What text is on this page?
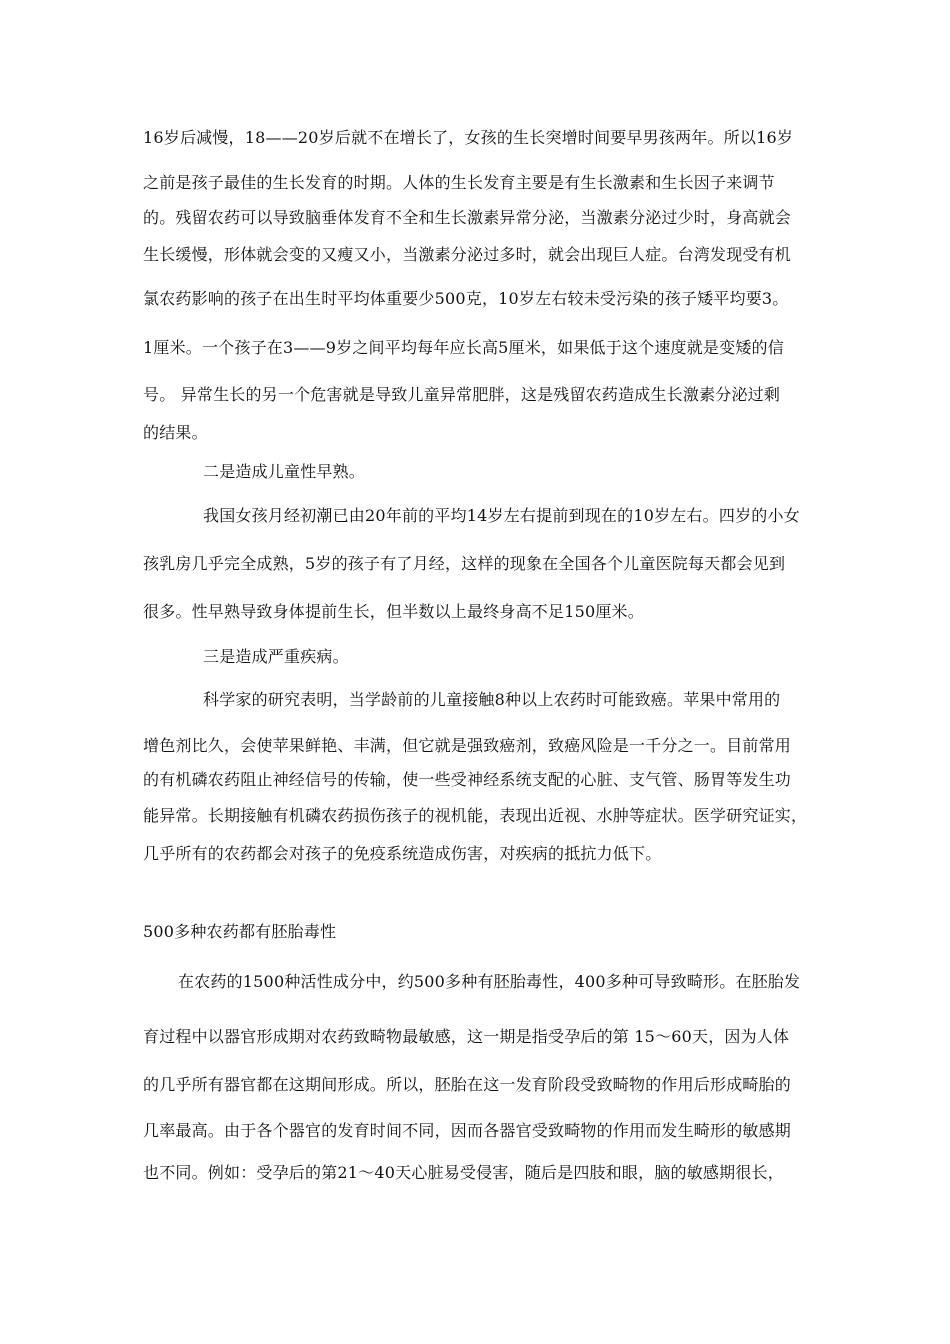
16岁后减慢，18——20岁后就不在增长了，女孩的生长突增时间要早男孩两年。所以16岁
之前是孩子最佳的生长发育的时期。人体的生长发育主要是有生长激素和生长因子来调节
的。残留农药可以导致脑垂体发育不全和生长激素异常分泌，当激素分泌过少时，身高就会
生长缓慢，形体就会变的又瘦又小，当激素分泌过多时，就会出现巨人症。台湾发现受有机
氯农药影响的孩子在出生时平均体重要少500克，10岁左右较未受污染的孩子矮平均要3。
1厘米。一个孩子在3——9岁之间平均每年应长高5厘米，如果低于这个速度就是变矮的信
号。 异常生长的另一个危害就是导致儿童异常肥胖，这是残留农药造成生长激素分泌过剩
的结果。
二是造成儿童性早熟。
我国女孩月经初潮已由20年前的平均14岁左右提前到现在的10岁左右。四岁的小女
孩乳房几乎完全成熟，5岁的孩子有了月经，这样的现象在全国各个儿童医院每天都会见到
很多。性早熟导致身体提前生长，但半数以上最终身高不足150厘米。
三是造成严重疾病。
科学家的研究表明，当学龄前的儿童接触8种以上农药时可能致癌。苹果中常用的
增色剂比久，会使苹果鲜艳、丰满，但它就是强致癌剂，致癌风险是一千分之一。目前常用
的有机磷农药阻止神经信号的传输，使一些受神经系统支配的心脏、支气管、肠胃等发生功
能异常。长期接触有机磷农药损伤孩子的视机能，表现出近视、水肿等症状。医学研究证实，
几乎所有的农药都会对孩子的免疫系统造成伤害，对疾病的抵抗力低下。
500多种农药都有胚胎毒性
在农药的1500种活性成分中，约500多种有胚胎毒性，400多种可导致畸形。在胚胎发
育过程中以器官形成期对农药致畸物最敏感，这一期是指受孕后的第 15～60天，因为人体
的几乎所有器官都在这期间形成。所以，胚胎在这一发育阶段受致畸物的作用后形成畸胎的
几率最高。由于各个器官的发育时间不同，因而各器官受致畸物的作用而发生畸形的敏感期
也不同。例如：受孕后的第21～40天心脏易受侵害，随后是四肢和眼，脑的敏感期很长，
